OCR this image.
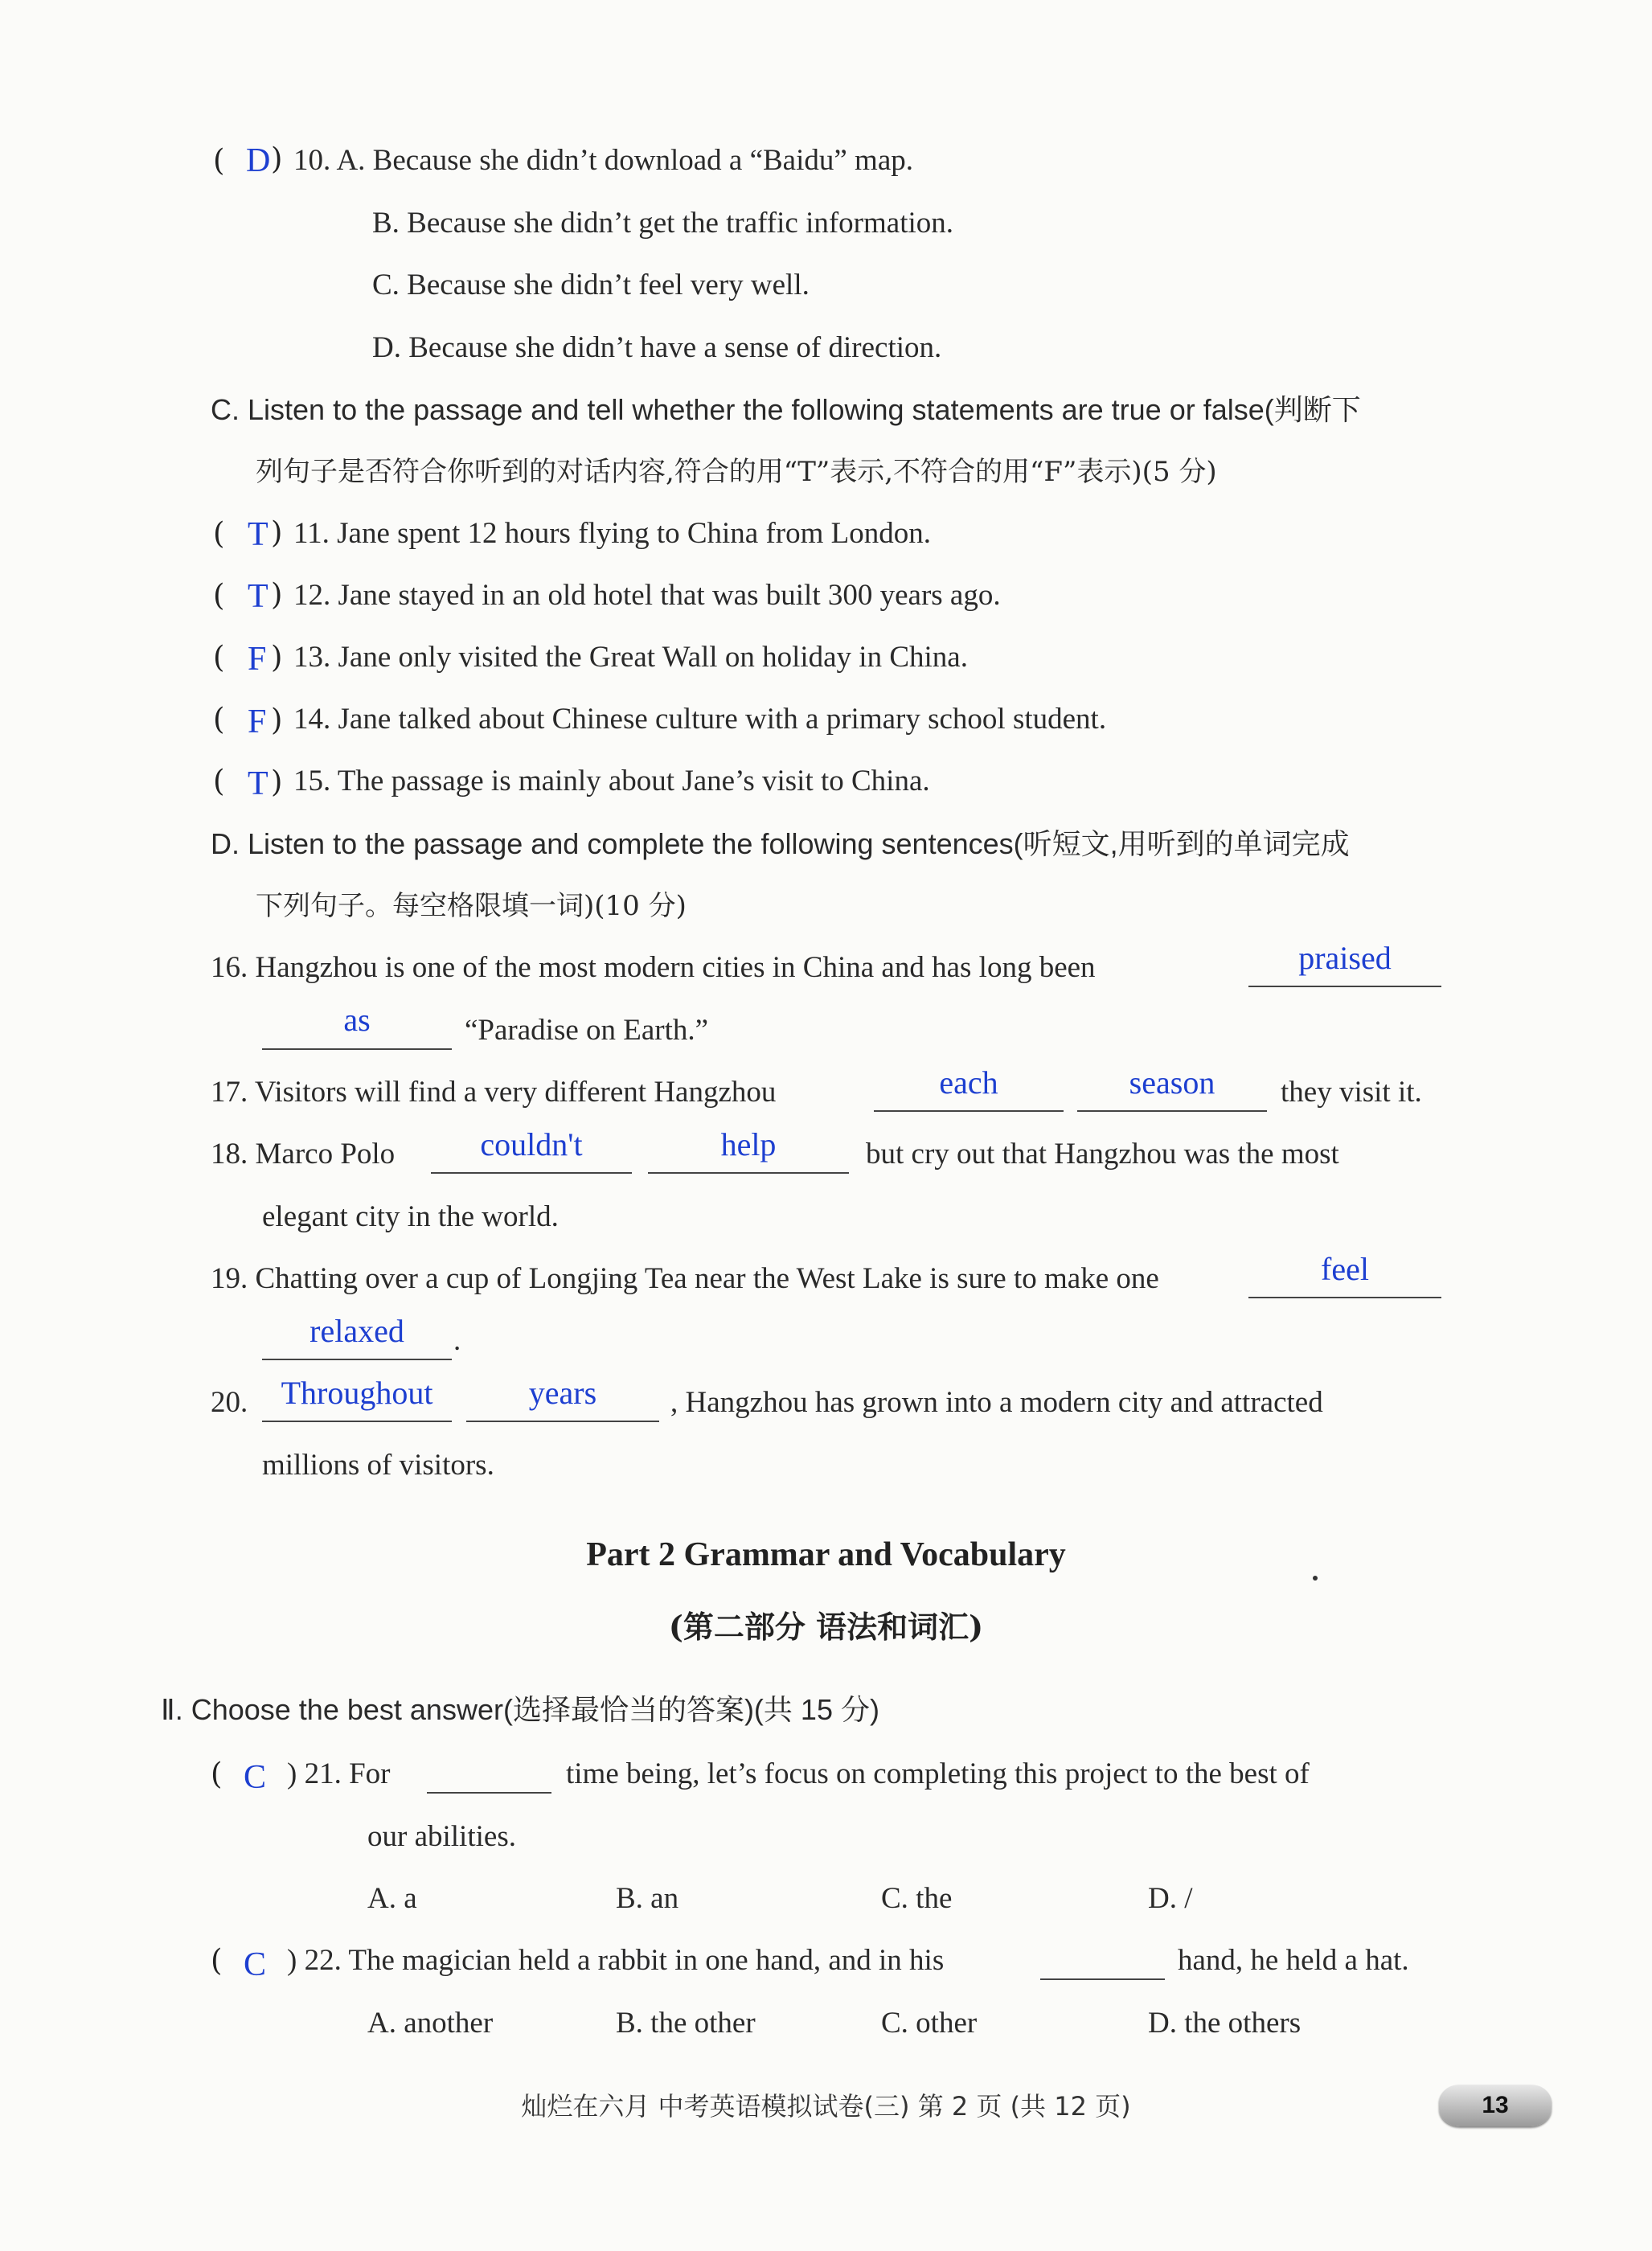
( D 10. A. Because she didn’t download a “Baidu” map.
B. Because she didn’t get the traffic information.
C. Because she didn’t feel very well.
D. Because she didn’t have a sense of direction.
C. Listen to the passage and tell whether the following statements are true or false(判断下
列句子是否符合你听到的对话内容,符合的用“T”表示,不符合的用“F”表示)(5 分)
( T 11. Jane spent 12 hours flying to China from London.
( T 12. Jane stayed in an old hotel that was built 300 years ago.
( F 13. Jane only visited the Great Wall on holiday in China.
( F 14. Jane talked about Chinese culture with a primary school student.
( T 15. The passage is mainly about Jane’s visit to China.
D. Listen to the passage and complete the following sentences(听短文,用听到的单词完成
下列句子。每空格限填一词)(10 分)
16. Hangzhou is one of the most modern cities in China and has long been	praised
as	“Paradise on Earth.”
17. Visitors will find a very different Hangzhou	each	season	they visit it.
18. Marco Polo	couldn't	help	but cry out that Hangzhou was the most
elegant city in the world.
19. Chatting over a cup of Longjing Tea near the West Lake is sure to make one	feel
relaxed	.
20.	Throughout	years	, Hangzhou has grown into a modern city and attracted
millions of visitors.
Part 2 Grammar and Vocabulary
(第二部分 语法和词汇)
Ⅱ. Choose the best answer(选择最恰当的答案)(共 15 分)
( C ) 21. For	time being, let’s focus on completing this project to the best of
our abilities.
A. a	B. an	C. the	D. /
( C ) 22. The magician held a rabbit in one hand, and in his	hand, he held a hat.
A. another	B. the other	C. other	D. the others
灿烂在六月 中考英语模拟试卷(三) 第 2 页 (共 12 页)	13
)
)
)
)
)
)
